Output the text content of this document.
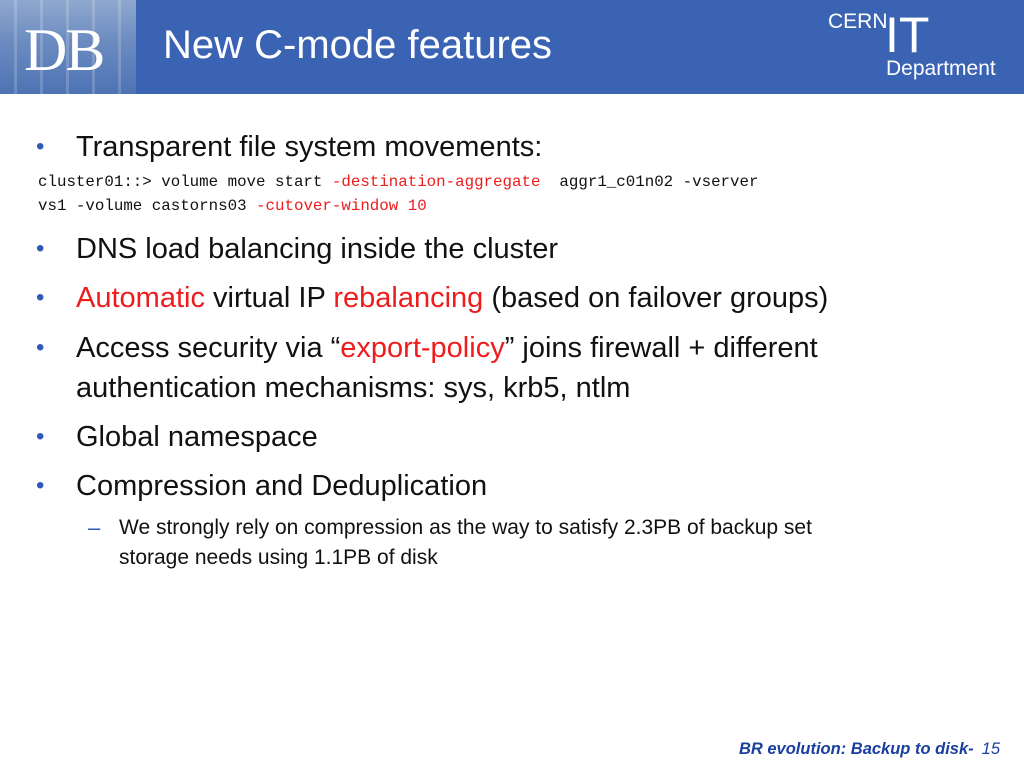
DB New C-mode features
CERN
IT
Department
• Transparent file system movements:
cluster01::> volume move start -destination-aggregate  aggr1_c01n02 -vserver
vs1 -volume castorns03 -cutover-window 10
• DNS load balancing inside the cluster
• Automatic virtual IP rebalancing (based on failover groups)
• Access security via “export-policy” joins firewall + different
authentication mechanisms: sys, krb5, ntlm
• Global namespace
• Compression and Deduplication
– We strongly rely on compression as the way to satisfy 2.3PB of backup set
storage needs using 1.1PB of disk
BR evolution: Backup to disk- 15
